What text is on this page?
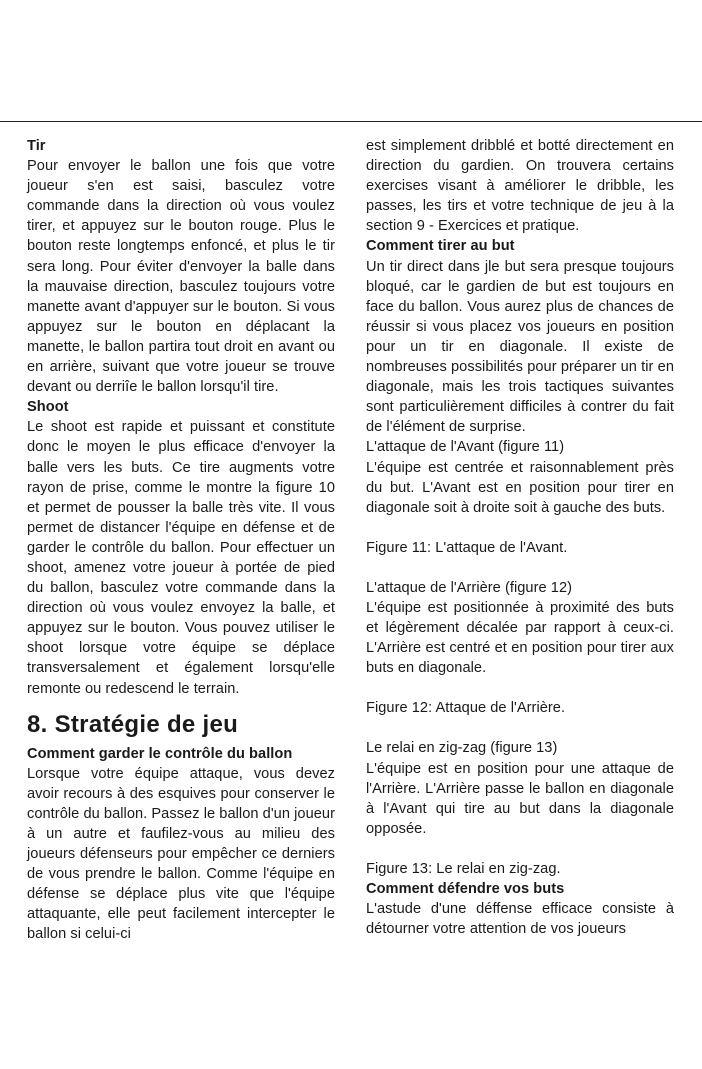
Tir

Pour envoyer le ballon une fois que votre joueur s'en est saisi, basculez votre commande dans la direction où vous voulez tirer, et appuyez sur le bouton rouge. Plus le bouton reste longtemps enfoncé, et plus le tir sera long. Pour éviter d'envoyer la balle dans la mauvaise direction, basculez toujours votre manette avant d'appuyer sur le bouton. Si vous appuyez sur le bouton en déplacant la manette, le ballon partira tout droit en avant ou en arrière, suivant que votre joueur se trouve devant ou derriîe le ballon lorsqu'il tire.

Shoot

Le shoot est rapide et puissant et constitute donc le moyen le plus efficace d'envoyer la balle vers les buts. Ce tire augments votre rayon de prise, comme le montre la figure 10 et permet de pousser la balle très vite. Il vous permet de distancer l'équipe en défense et de garder le contrôle du ballon. Pour effectuer un shoot, amenez votre joueur à portée de pied du ballon, basculez votre commande dans la direction où vous voulez envoyez la balle, et appuyez sur le bouton. Vous pouvez utiliser le shoot lorsque votre équipe se déplace transversalement et également lorsqu'elle remonte ou redescend le terrain.

8. Stratégie de jeu
Comment garder le contrôle du ballon

Lorsque votre équipe attaque, vous devez avoir recours à des esquives pour conserver le contrôle du ballon. Passez le ballon d'un joueur à un autre et faufilez-vous au milieu des joueurs défenseurs pour empêcher ce derniers de vous prendre le ballon. Comme l'équipe en défense se déplace plus vite que l'équipe attaquante, elle peut facilement intercepter le ballon si celui-ci

est simplement dribblé et botté directement en direction du gardien. On trouvera certains exercises visant à améliorer le dribble, les passes, les tirs et votre technique de jeu à la section 9 - Exercices et pratique.

Comment tirer au but

Un tir direct dans jle but sera presque toujours bloqué, car le gardien de but est toujours en face du ballon. Vous aurez plus de chances de réussir si vous placez vos joueurs en position pour un tir en diagonale. Il existe de nombreuses possibilités pour préparer un tir en diagonale, mais les trois tactiques suivantes sont particulièrement difficiles à contrer du fait de l'élément de surprise.

L'attaque de l'Avant (figure 11)

L'équipe est centrée et raisonnablement près du but. L'Avant est en position pour tirer en diagonale soit à droite soit à gauche des buts.

Figure 11: L'attaque de l'Avant.

L'attaque de l'Arrière (figure 12)

L'équipe est positionnée à proximité des buts et légèrement décalée par rapport à ceux-ci. L'Arrière est centré et en position pour tirer aux buts en diagonale.

Figure 12: Attaque de l'Arrière.

Le relai en zig-zag (figure 13)

L'équipe est en position pour une attaque de l'Arrière. L'Arrière passe le ballon en diagonale à l'Avant qui tire au but dans la diagonale opposée.

Figure 13: Le relai en zig-zag.

Comment défendre vos buts

L'astude d'une déffense efficace consiste à détourner votre attention de vos joueurs
